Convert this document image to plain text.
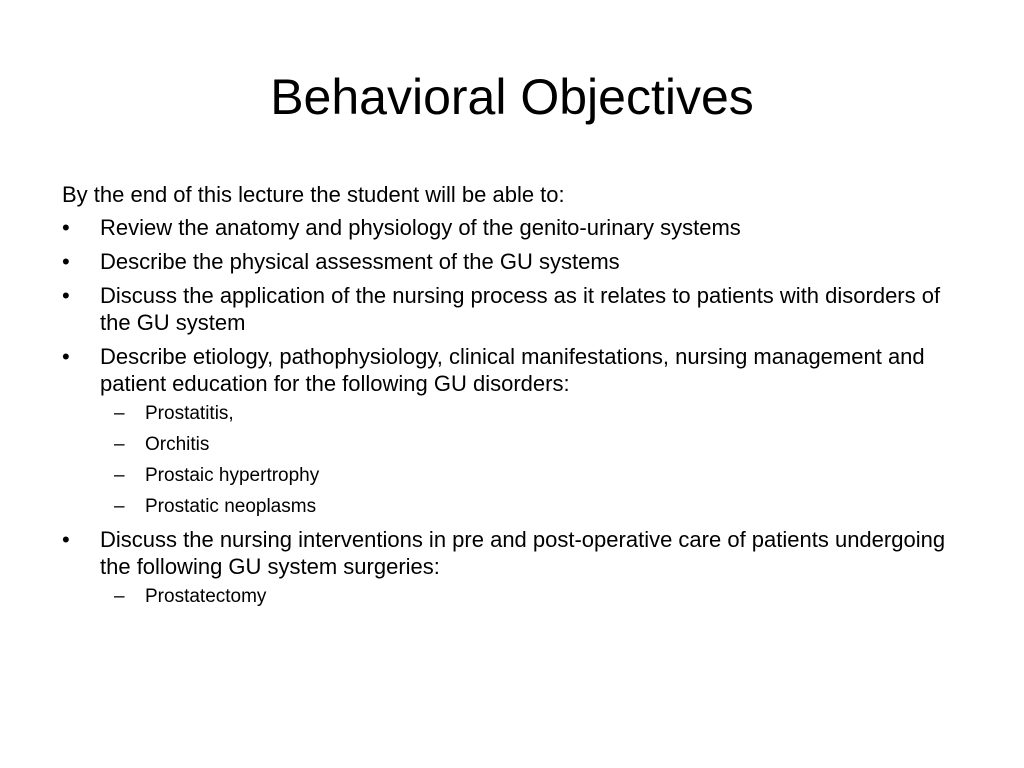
Behavioral Objectives

By the end of this lecture the student will be able to:

•	Review the anatomy and physiology of the genito-urinary systems
•	Describe the physical assessment of the GU systems
•	Discuss the application of the nursing process as it relates to patients with disorders of the GU system
•	Describe etiology, pathophysiology, clinical manifestations, nursing management and patient education for the following GU disorders:
– Prostatitis,
– Orchitis
– Prostaic hypertrophy
– Prostatic neoplasms
•	Discuss the nursing interventions in pre and post-operative care of patients undergoing the following GU system surgeries:
– Prostatectomy
